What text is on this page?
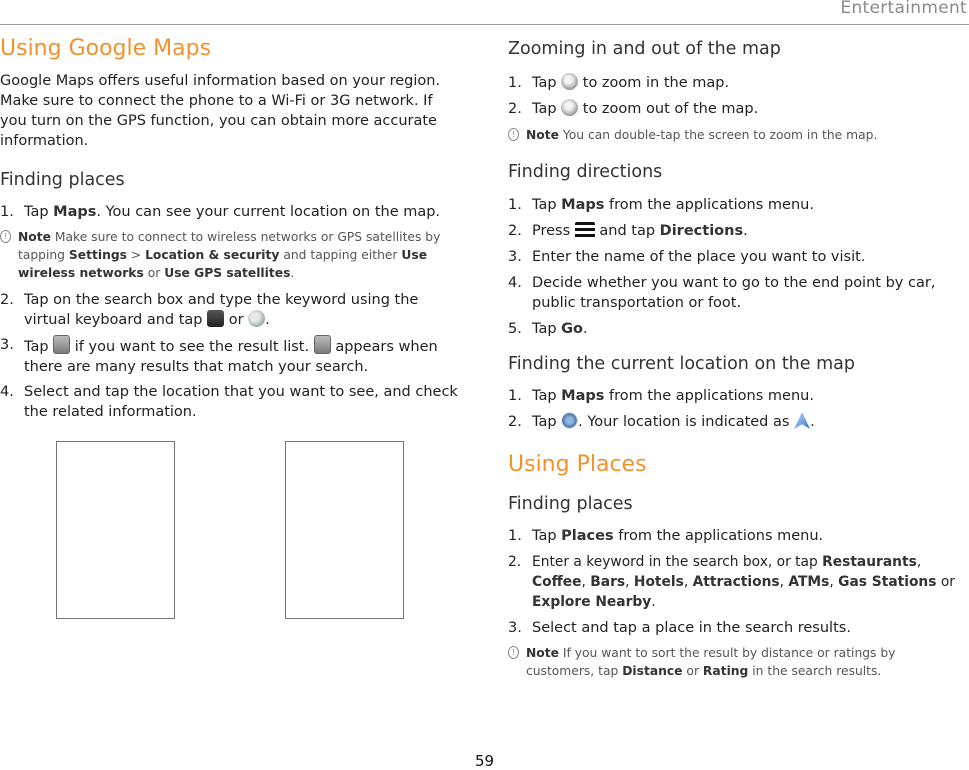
Entertainment
Using Google Maps

Google Maps offers useful information based on your region. Make sure to connect the phone to a Wi-Fi or 3G network. If you turn on the GPS function, you can obtain more accurate information.

Finding places
1. Tap Maps. You can see your current location on the map.
! Note Make sure to connect to wireless networks or GPS satellites by tapping Settings > Location & security and tapping either Use wireless networks or Use GPS satellites.
2. Tap on the search box and type the keyword using the virtual keyboard and tap  or .
3. Tap  if you want to see the result list.  appears when there are many results that match your search.
4. Select and tap the location that you want to see, and check the related information.
Zooming in and out of the map
1. Tap  to zoom in the map.
2. Tap  to zoom out of the map.
! Note You can double-tap the screen to zoom in the map.
Finding directions
1. Tap Maps from the applications menu.
2. Press  and tap Directions.
3. Enter the name of the place you want to visit.
4. Decide whether you want to go to the end point by car, public transportation or foot.
5. Tap Go.
Finding the current location on the map
1. Tap Maps from the applications menu.
2. Tap . Your location is indicated as .
Using Places
Finding places
1. Tap Places from the applications menu.
2. Enter a keyword in the search box, or tap Restaurants, Coffee, Bars, Hotels, Attractions, ATMs, Gas Stations or Explore Nearby.
3. Select and tap a place in the search results.
! Note If you want to sort the result by distance or ratings by customers, tap Distance or Rating in the search results.
59
